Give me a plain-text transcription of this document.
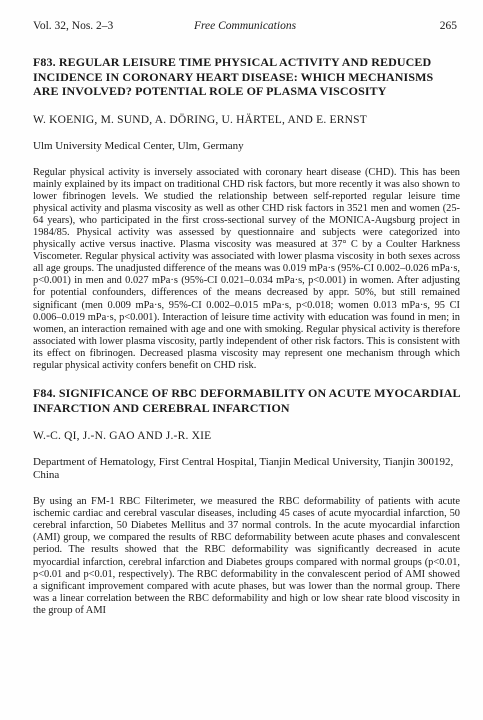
Vol. 32, Nos. 2–3	Free Communications	265

F83. REGULAR LEISURE TIME PHYSICAL ACTIVITY AND REDUCED INCIDENCE IN CORONARY HEART DISEASE: WHICH MECHANISMS ARE INVOLVED? POTENTIAL ROLE OF PLASMA VISCOSITY

W. KOENIG, M. SUND, A. DÖRING, U. HÄRTEL, AND E. ERNST

Ulm University Medical Center, Ulm, Germany

Regular physical activity is inversely associated with coronary heart disease (CHD). This has been mainly explained by its impact on traditional CHD risk factors, but more recently it was also shown to lower fibrinogen levels. We studied the relationship between self-reported regular leisure time physical activity and plasma viscosity as well as other CHD risk factors in 3521 men and women (25-64 years), who participated in the first cross-sectional survey of the MONICA-Augsburg project in 1984/85. Physical activity was assessed by questionnaire and subjects were categorized into physically active versus inactive. Plasma viscosity was measured at 37° C by a Coulter Harkness Viscometer. Regular physical activity was associated with lower plasma viscosity in both sexes across all age groups. The unadjusted difference of the means was 0.019 mPa·s (95%-CI 0.002–0.026 mPa·s, p<0.001) in men and 0.027 mPa·s (95%-CI 0.021–0.034 mPa·s, p<0.001) in women. After adjusting for potential confounders, differences of the means decreased by appr. 50%, but still remained significant (men 0.009 mPa·s, 95%-CI 0.002–0.015 mPa·s, p<0.018; women 0.013 mPa·s, 95 CI 0.006–0.019 mPa·s, p<0.001). Interaction of leisure time activity with education was found in men; in women, an interaction remained with age and one with smoking. Regular physical activity is therefore associated with lower plasma viscosity, partly independent of other risk factors. This is consistent with its effect on fibrinogen. Decreased plasma viscosity may represent one mechanism through which regular physical activity confers benefit on CHD risk.

F84. SIGNIFICANCE OF RBC DEFORMABILITY ON ACUTE MYOCARDIAL INFARCTION AND CEREBRAL INFARCTION

W.-C. QI, J.-N. GAO AND J.-R. XIE

Department of Hematology, First Central Hospital, Tianjin Medical University, Tianjin 300192, China

By using an FM-1 RBC Filterimeter, we measured the RBC deformability of patients with acute ischemic cardiac and cerebral vascular diseases, including 45 cases of acute myocardial infarction, 50 cerebral infarction, 50 Diabetes Mellitus and 37 normal controls. In the acute myocardial infarction (AMI) group, we compared the results of RBC deformability between acute phases and convalescent period. The results showed that the RBC deformability was significantly decreased in acute myocardial infarction, cerebral infarction and Diabetes groups compared with normal groups (p<0.01, p<0.01 and p<0.01, respectively). The RBC deformability in the convalescent period of AMI showed a significant improvement compared with acute phases, but was lower than the normal group. There was a linear correlation between the RBC deformability and high or low shear rate blood viscosity in the group of AMI
